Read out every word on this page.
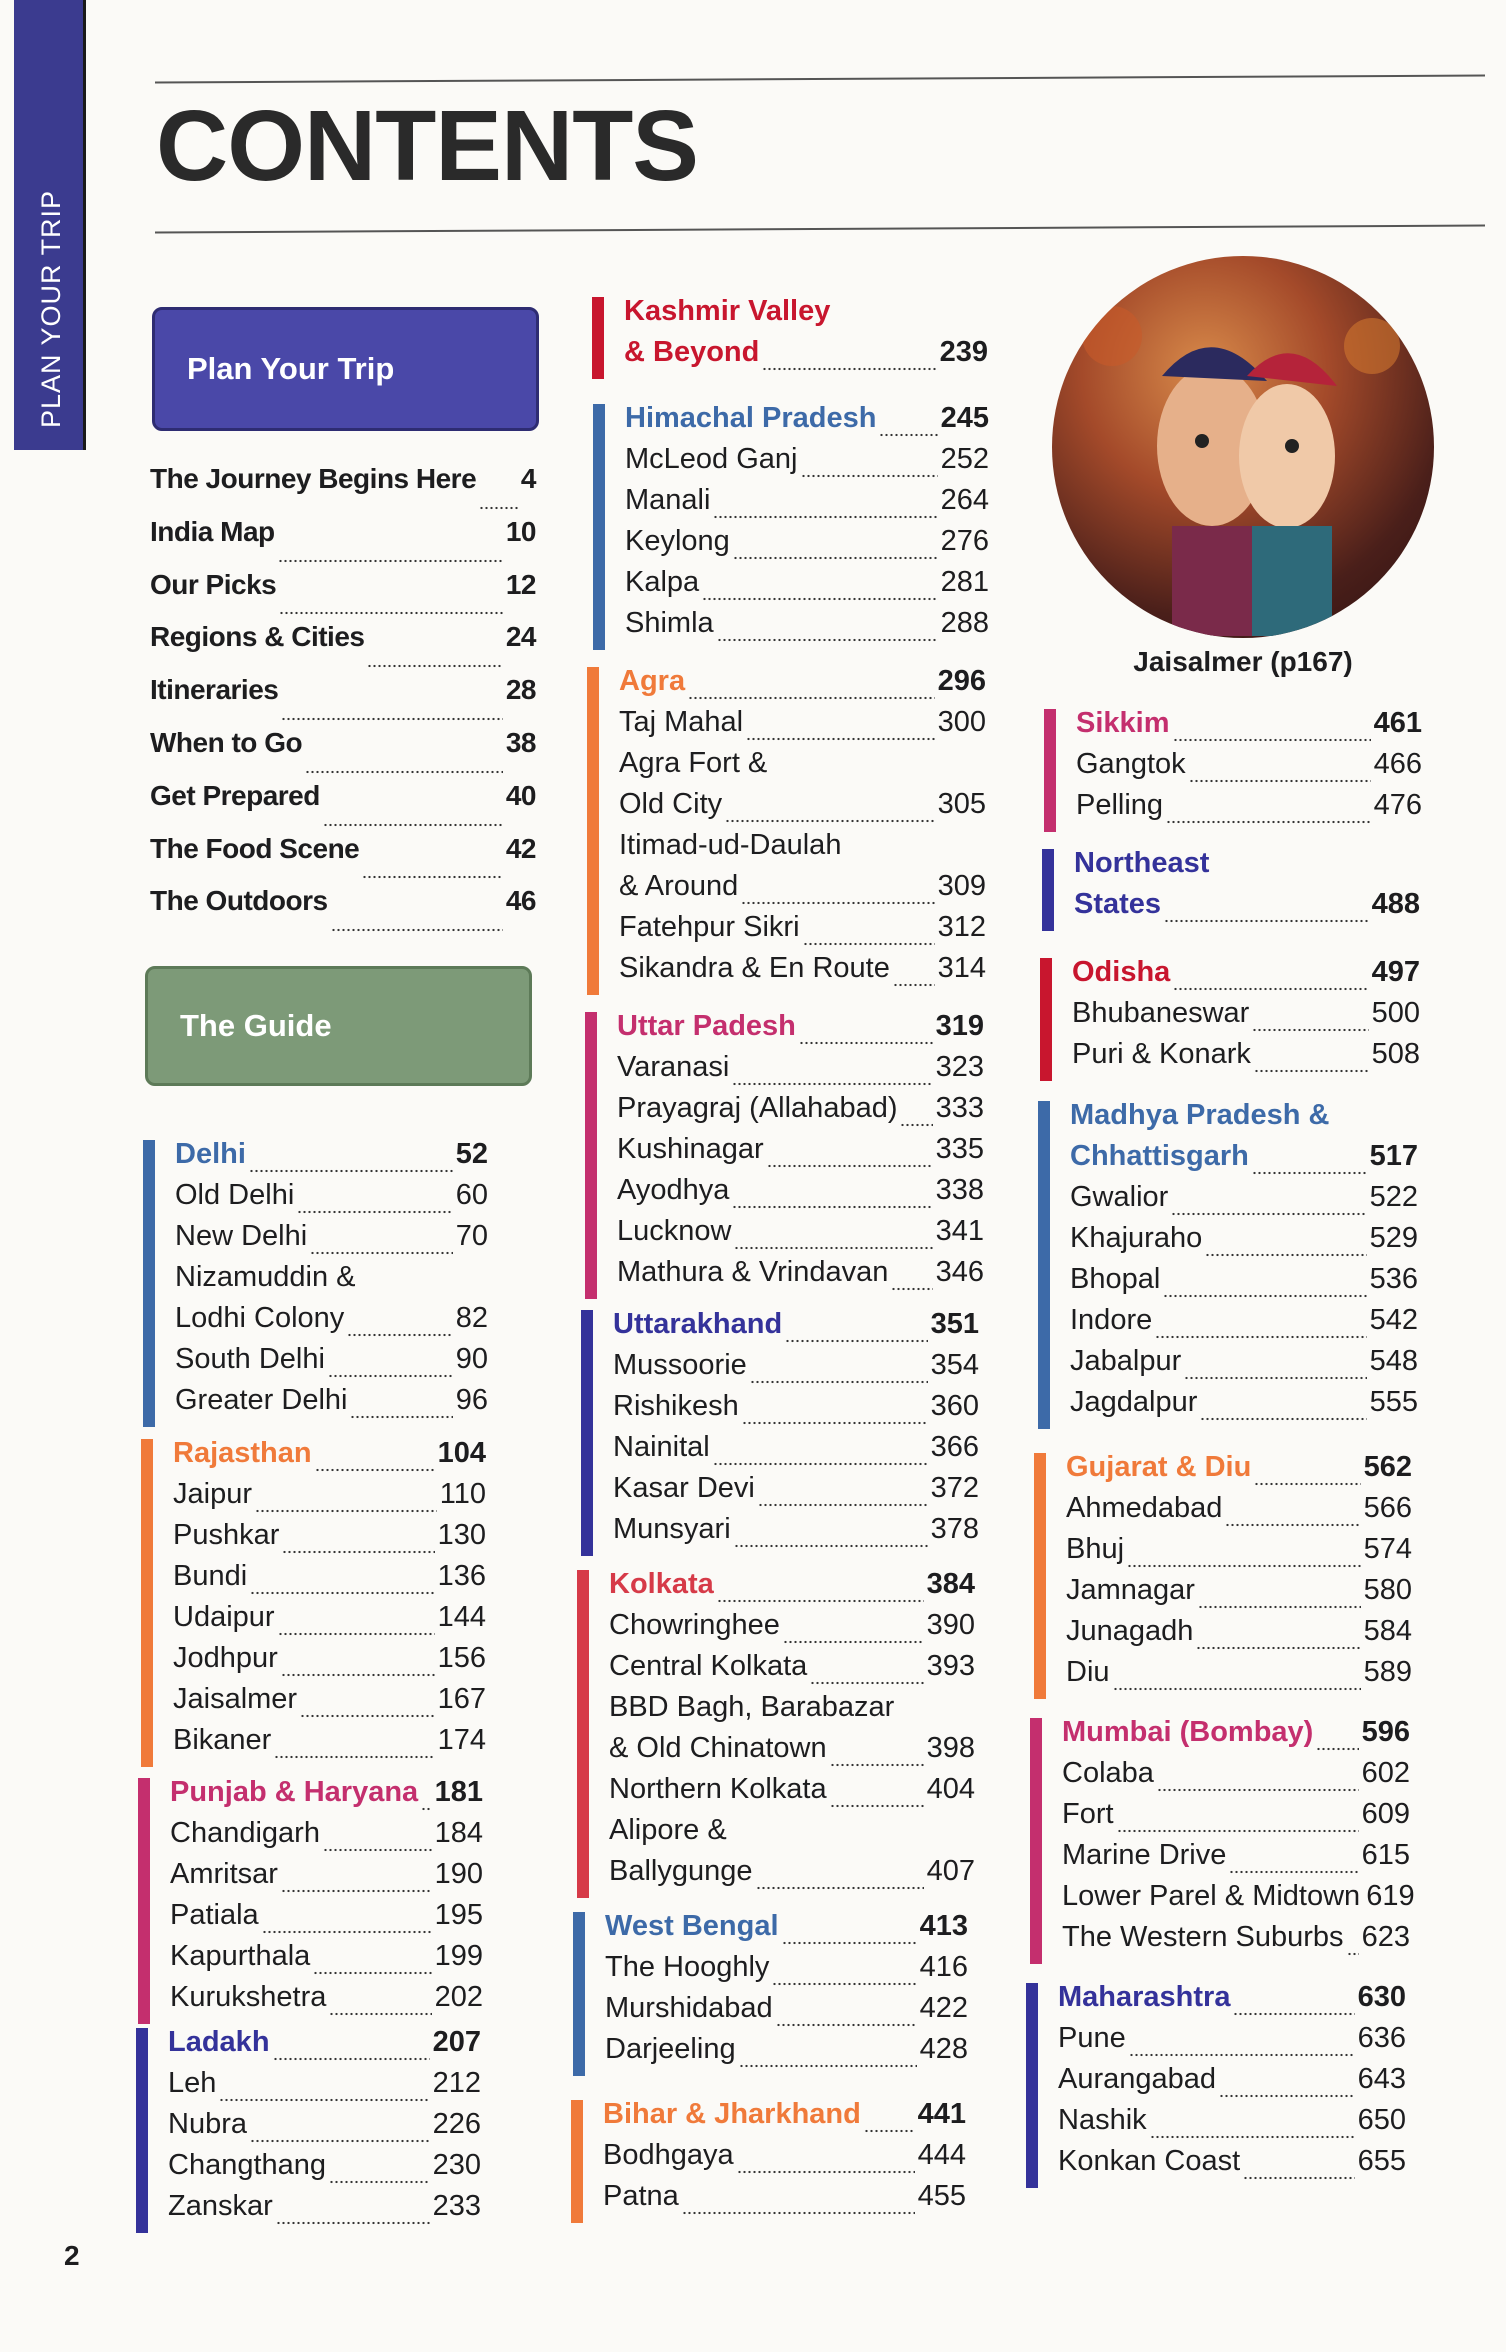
PLAN YOUR TRIP
CONTENTS
Plan Your Trip
The Journey Begins Here 4
India Map	10
Our Picks	12
Regions & Cities	24
Itineraries	28
When to Go	38
Get Prepared	40
The Food Scene	42
The Outdoors	46
The Guide
Delhi	52
Old Delhi	60
New Delhi	70
Nizamuddin &
Lodhi Colony	82
South Delhi	90
Greater Delhi	96
Rajasthan	104
Jaipur	110
Pushkar	130
Bundi	136
Udaipur	144
Jodhpur	156
Jaisalmer	167
Bikaner	174
Punjab & Haryana 181
Chandigarh	184
Amritsar	190
Patiala	195
Kapurthala	199
Kurukshetra	202
Ladakh	207
Leh	212
Nubra	226
Changthang	230
Zanskar	233
Kashmir Valley
& Beyond	239
Himachal Pradesh 245
McLeod Ganj	252
Manali	264
Keylong	276
Kalpa	281
Shimla	288
Agra	296
Taj Mahal	300
Agra Fort &
Old City	305
Itimad-ud-Daulah
& Around	309
Fatehpur Sikri	312
Sikandra & En Route 314
Uttar Padesh	319
Varanasi	323
Prayagraj (Allahabad) 333
Kushinagar	335
Ayodhya	338
Lucknow	341
Mathura & Vrindavan 346
Uttarakhand	351
Mussoorie	354
Rishikesh	360
Nainital	366
Kasar Devi	372
Munsyari	378
Kolkata	384
Chowringhee	390
Central Kolkata	393
BBD Bagh, Barabazar
& Old Chinatown	398
Northern Kolkata	404
Alipore &
Ballygunge	407
West Bengal	413
The Hooghly	416
Murshidabad	422
Darjeeling	428
Bihar & Jharkhand 441
Bodhgaya	444
Patna	455
Sikkim	461
Gangtok	466
Pelling	476
Northeast
States	488
Odisha	497
Bhubaneswar	500
Puri & Konark	508
Madhya Pradesh &
Chhattisgarh	517
Gwalior	522
Khajuraho	529
Bhopal	536
Indore	542
Jabalpur	548
Jagdalpur	555
Gujarat & Diu	562
Ahmedabad	566
Bhuj	574
Jamnagar	580
Junagadh	584
Diu	589
Mumbai (Bombay) 596
Colaba	602
Fort	609
Marine Drive	615
Lower Parel & Midtown 619
The Western Suburbs 623
Maharashtra	630
Pune	636
Aurangabad	643
Nashik	650
Konkan Coast	655
Jaisalmer (p167)
2
